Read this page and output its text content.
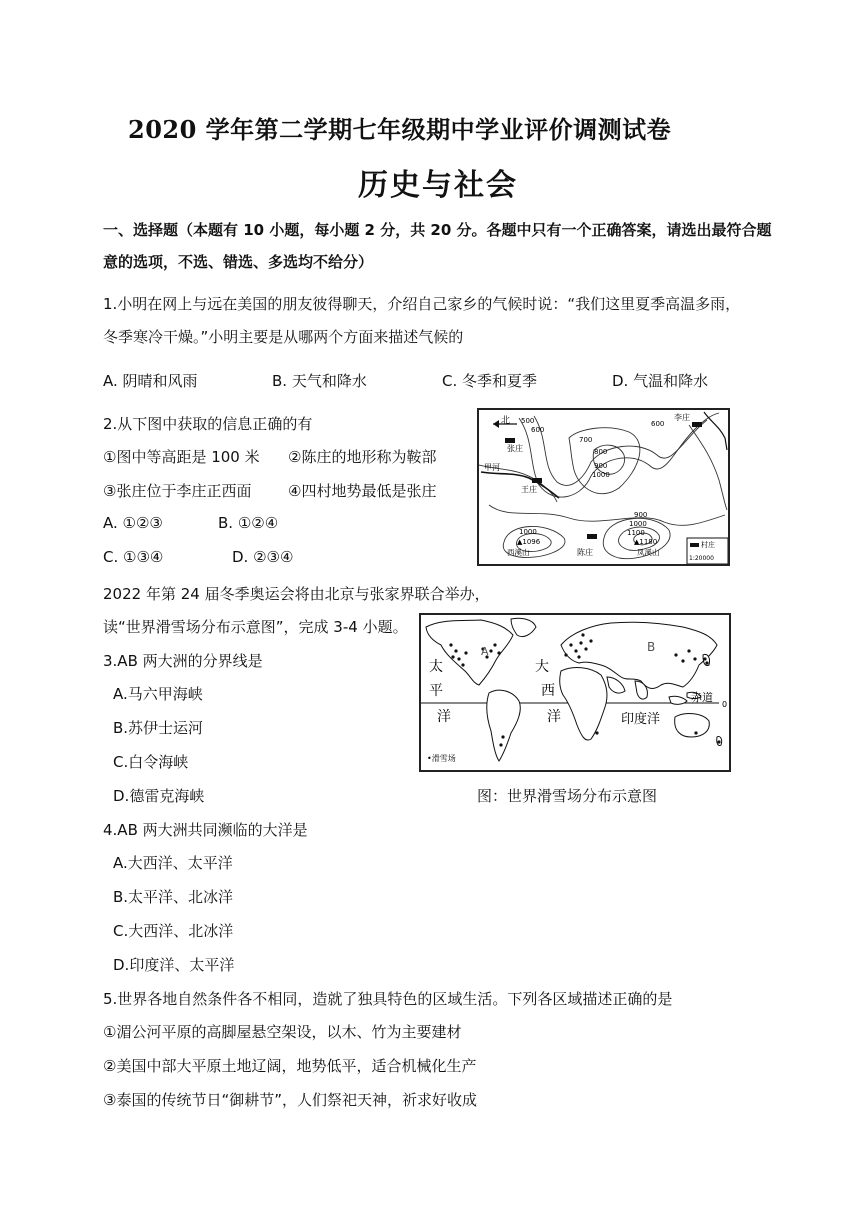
2020 学年第二学期七年级期中学业评价调测试卷
历史与社会
一、选择题（本题有 10 小题，每小题 2 分，共 20 分。各题中只有一个正确答案，请选出最符合题
意的选项，不选、错选、多选均不给分）
1.小明在网上与远在美国的朋友彼得聊天，介绍自己家乡的气候时说：“我们这里夏季高温多雨，
冬季寒冷干燥。”小明主要是从哪两个方面来描述气候的
A. 阴晴和风雨	B. 天气和降水	C. 冬季和夏季	D. 气温和降水
2.从下图中获取的信息正确的有
①图中等高距是 100 米 ②陈庄的地形称为鞍部
③张庄位于李庄正西面 ④四村地势最低是张庄
A. ①②③	B. ①②④
C. ①③④	D. ②③④
北
张庄
李庄
王庄
陈庄
甲河
西溪山	凤溪山
▲1096	▲1180
500
600
600
700
800
900
1000
900
1000
1100
1000
村庄
1:20000
2022 年第 24 届冬季奥运会将由北京与张家界联合举办，
读“世界滑雪场分布示意图”，完成 3-4 小题。
3.AB 两大洲的分界线是
A.马六甲海峡
B.苏伊士运河
C.白令海峡
D.德雷克海峡
太
平
洋
大
西
洋	印度洋
赤道
0
A	B
•滑雪场
图：世界滑雪场分布示意图
4.AB 两大洲共同濒临的大洋是
A.大西洋、太平洋
B.太平洋、北冰洋
C.大西洋、北冰洋
D.印度洋、太平洋
5.世界各地自然条件各不相同，造就了独具特色的区域生活。下列各区域描述正确的是
①湄公河平原的高脚屋悬空架设，以木、竹为主要建材
②美国中部大平原土地辽阔，地势低平，适合机械化生产
③泰国的传统节日“御耕节”，人们祭祀天神，祈求好收成
